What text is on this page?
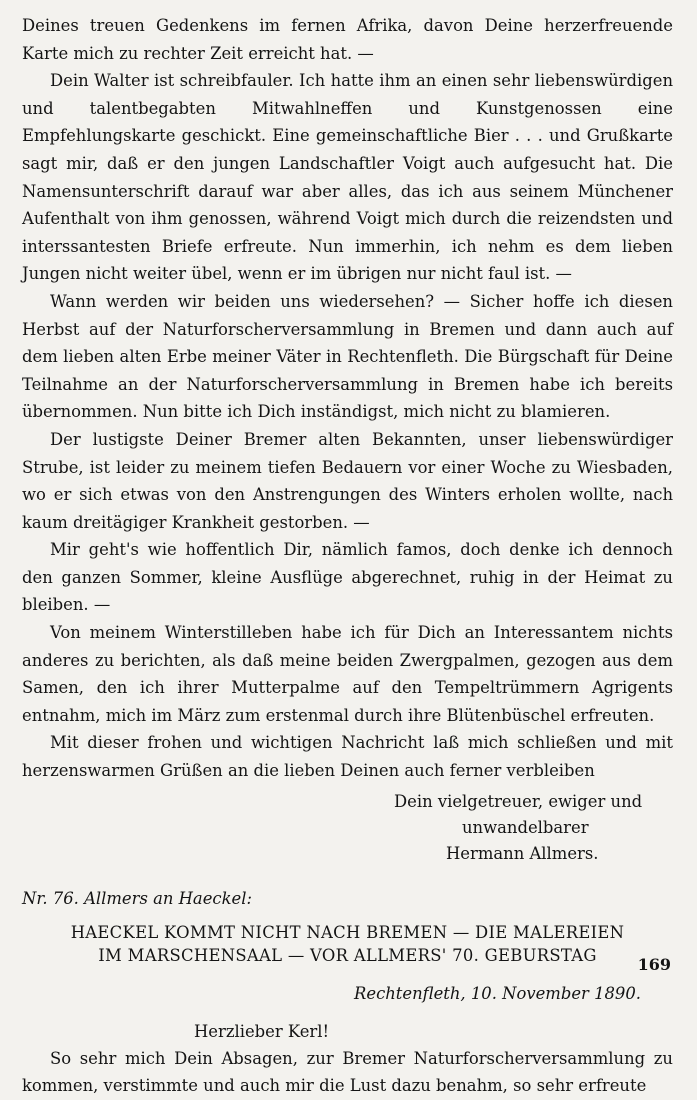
Deines treuen Gedenkens im fernen Afrika, davon Deine herzerfreuende Karte mich zu rechter Zeit erreicht hat. —

Dein Walter ist schreibfauler. Ich hatte ihm an einen sehr liebenswürdigen und talentbegabten Mitwahlneffen und Kunstgenossen eine Empfehlungskarte geschickt. Eine gemeinschaftliche Bier . . . und Grußkarte sagt mir, daß er den jungen Landschaftler Voigt auch aufgesucht hat. Die Namensunterschrift darauf war aber alles, das ich aus seinem Münchener Aufenthalt von ihm genossen, während Voigt mich durch die reizendsten und interssantesten Briefe erfreute. Nun immerhin, ich nehm es dem lieben Jungen nicht weiter übel, wenn er im übrigen nur nicht faul ist. —

Wann werden wir beiden uns wiedersehen? — Sicher hoffe ich diesen Herbst auf der Naturforscherversammlung in Bremen und dann auch auf dem lieben alten Erbe meiner Väter in Rechtenfleth. Die Bürgschaft für Deine Teilnahme an der Naturforscherversammlung in Bremen habe ich bereits übernommen. Nun bitte ich Dich inständigst, mich nicht zu blamieren.

Der lustigste Deiner Bremer alten Bekannten, unser liebenswürdiger Strube, ist leider zu meinem tiefen Bedauern vor einer Woche zu Wiesbaden, wo er sich etwas von den Anstrengungen des Winters erholen wollte, nach kaum dreitägiger Krankheit gestorben. —

Mir geht's wie hoffentlich Dir, nämlich famos, doch denke ich dennoch den ganzen Sommer, kleine Ausflüge abgerechnet, ruhig in der Heimat zu bleiben. —

Von meinem Winterstilleben habe ich für Dich an Interessantem nichts anderes zu berichten, als daß meine beiden Zwergpalmen, gezogen aus dem Samen, den ich ihrer Mutterpalme auf den Tempeltrümmern Agrigents entnahm, mich im März zum erstenmal durch ihre Blütenbüschel erfreuten.

Mit dieser frohen und wichtigen Nachricht laß mich schließen und mit herzenswarmen Grüßen an die lieben Deinen auch ferner verbleiben

Dein vielgetreuer, ewiger und
unwandelbarer
Hermann Allmers.
Nr. 76. Allmers an Haeckel:
HAECKEL KOMMT NICHT NACH BREMEN — DIE MALEREIEN
IM MARSCHENSAAL — VOR ALLMERS' 70. GEBURSTAG
Rechtenfleth, 10. November 1890.
Herzlieber Kerl!

So sehr mich Dein Absagen, zur Bremer Naturforscherversammlung zu kommen, verstimmte und auch mir die Lust dazu benahm, so sehr erfreute

169
